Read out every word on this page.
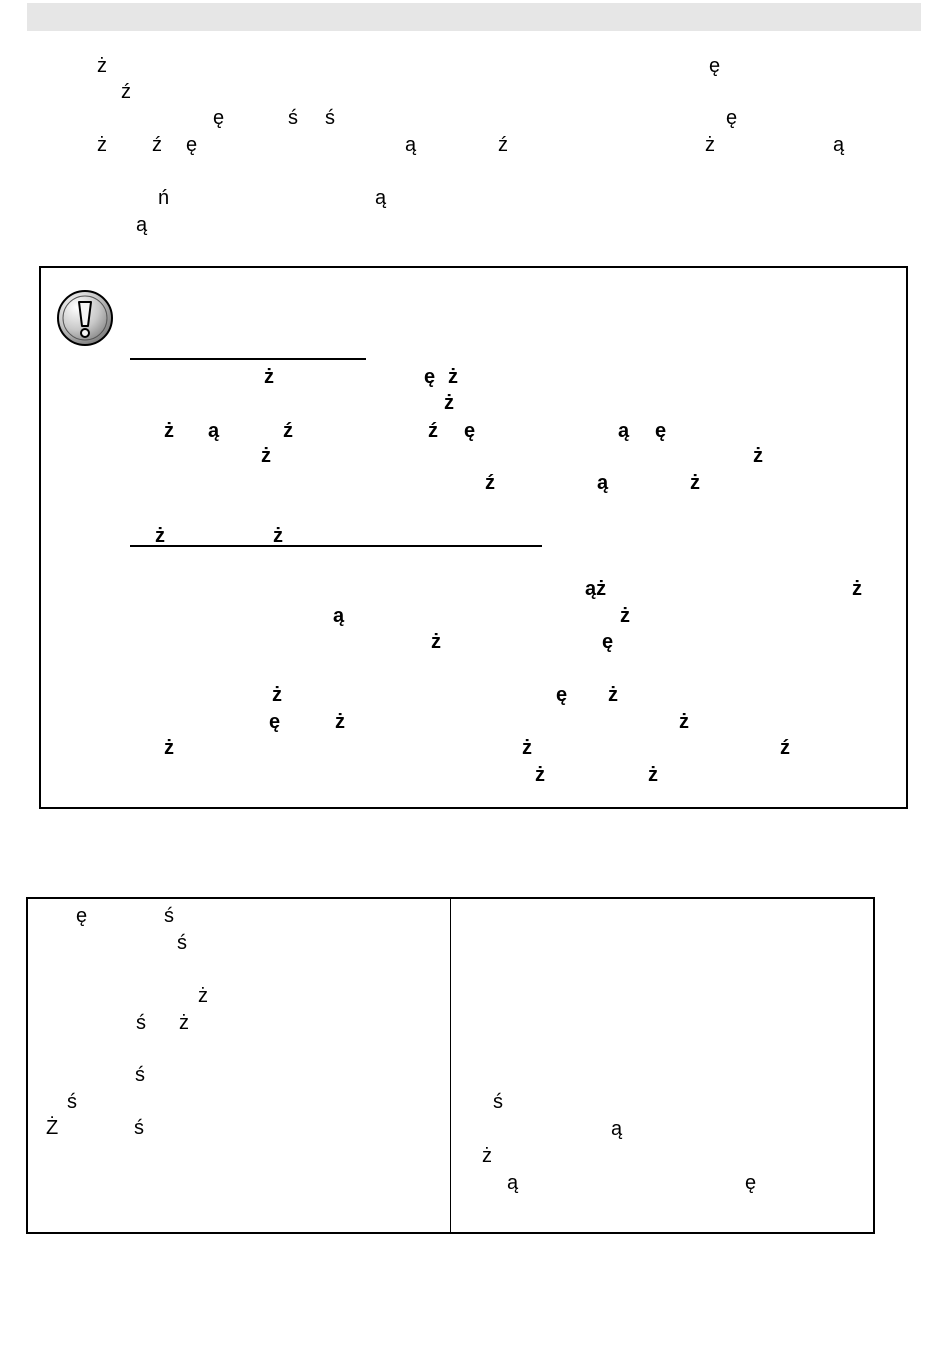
ż	ę
ź
ę	ś ś	ę
ż ź ę	ą	ź	ż	ą
ń	ą
ą
ż	ę ż
ż
ż ą	ź	ź ę	ą ę
ż	ż
ź	ą	ż
ż	ż
ąż	ż
ą	ż
ż	ę
ż	ę ż
ę	ż	ż
ż	ż	ź
ż	ż
ę	ś
ś
ż
ś ż
ś
ś
Ż	ś
ś
ą
ż
ą	ę
